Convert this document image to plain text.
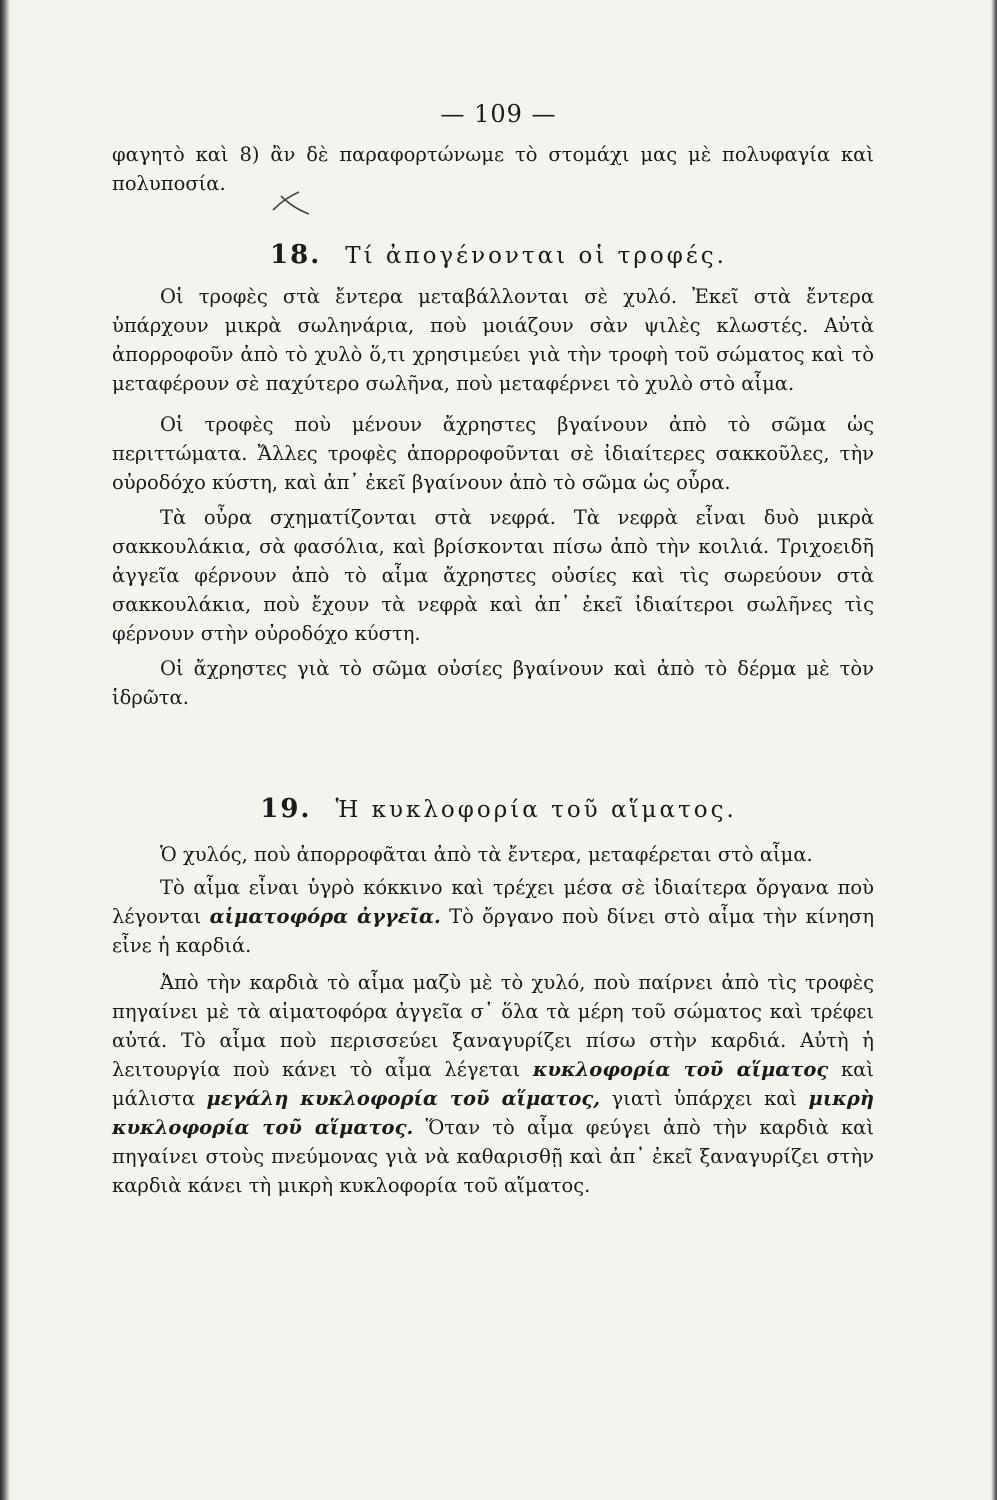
— 109 —

φαγητὸ καὶ 8) ἂν δὲ παραφορτώνωμε τὸ στομάχι μας μὲ πολυφαγία καὶ πολυποσία.

18. Τί ἀπογένονται οἱ τροφές.

Οἱ τροφὲς στὰ ἔντερα μεταβάλλονται σὲ χυλό. Ἐκεῖ στὰ ἔντερα ὑπάρχουν μικρὰ σωληνάρια, ποὺ μοιάζουν σὰν ψιλὲς κλωστές. Αὐτὰ ἀπορροφοῦν ἀπὸ τὸ χυλὸ ὅ,τι χρησιμεύει γιὰ τὴν τροφὴ τοῦ σώματος καὶ τὸ μεταφέρουν σὲ παχύτερο σωλῆνα, ποὺ μεταφέρνει τὸ χυλὸ στὸ αἷμα.

Οἱ τροφὲς ποὺ μένουν ἄχρηστες βγαίνουν ἀπὸ τὸ σῶμα ὡς περιττώματα. Ἄλλες τροφὲς ἀπορροφοῦνται σὲ ἰδιαίτερες σακκοῦλες, τὴν οὐροδόχο κύστη, καὶ ἀπ᾿ ἐκεῖ βγαίνουν ἀπὸ τὸ σῶμα ὡς οὖρα.

Τὰ οὖρα σχηματίζονται στὰ νεφρά. Τὰ νεφρὰ εἶναι δυὸ μικρὰ σακκουλάκια, σὰ φασόλια, καὶ βρίσκονται πίσω ἀπὸ τὴν κοιλιά. Τριχοειδῆ ἀγγεῖα φέρνουν ἀπὸ τὸ αἷμα ἄχρηστες οὐσίες καὶ τὶς σωρεύουν στὰ σακκουλάκια, ποὺ ἔχουν τὰ νεφρὰ καὶ ἀπ᾿ ἐκεῖ ἰδιαίτεροι σωλῆνες τὶς φέρνουν στὴν οὐροδόχο κύστη.

Οἱ ἄχρηστες γιὰ τὸ σῶμα οὐσίες βγαίνουν καὶ ἀπὸ τὸ δέρμα μὲ τὸν ἱδρῶτα.

19. Ἡ κυκλοφορία τοῦ αἵματος.

Ὁ χυλός, ποὺ ἀπορροφᾶται ἀπὸ τὰ ἔντερα, μεταφέρεται στὸ αἷμα.

Τὸ αἷμα εἶναι ὑγρὸ κόκκινο καὶ τρέχει μέσα σὲ ἰδιαίτερα ὄργανα ποὺ λέγονται αἱματοφόρα ἀγγεῖα. Τὸ ὄργανο ποὺ δίνει στὸ αἷμα τὴν κίνηση εἶνε ἡ καρδιά.

Ἀπὸ τὴν καρδιὰ τὸ αἷμα μαζὺ μὲ τὸ χυλό, ποὺ παίρνει ἀπὸ τὶς τροφὲς πηγαίνει μὲ τὰ αἱματοφόρα ἀγγεῖα σ᾿ ὅλα τὰ μέρη τοῦ σώματος καὶ τρέφει αὐτά. Τὸ αἷμα ποὺ περισσεύει ξαναγυρίζει πίσω στὴν καρδιά. Αὐτὴ ἡ λειτουργία ποὺ κάνει τὸ αἷμα λέγεται κυκλοφορία τοῦ αἵματος καὶ μάλιστα μεγάλη κυκλοφορία τοῦ αἵματος, γιατὶ ὑπάρχει καὶ μικρὴ κυκλοφορία τοῦ αἵματος. Ὅταν τὸ αἷμα φεύγει ἀπὸ τὴν καρδιὰ καὶ πηγαίνει στοὺς πνεύμονας γιὰ νὰ καθαρισθῇ καὶ ἀπ᾿ ἐκεῖ ξαναγυρίζει στὴν καρδιὰ κάνει τὴ μικρὴ κυκλοφορία τοῦ αἵματος.
